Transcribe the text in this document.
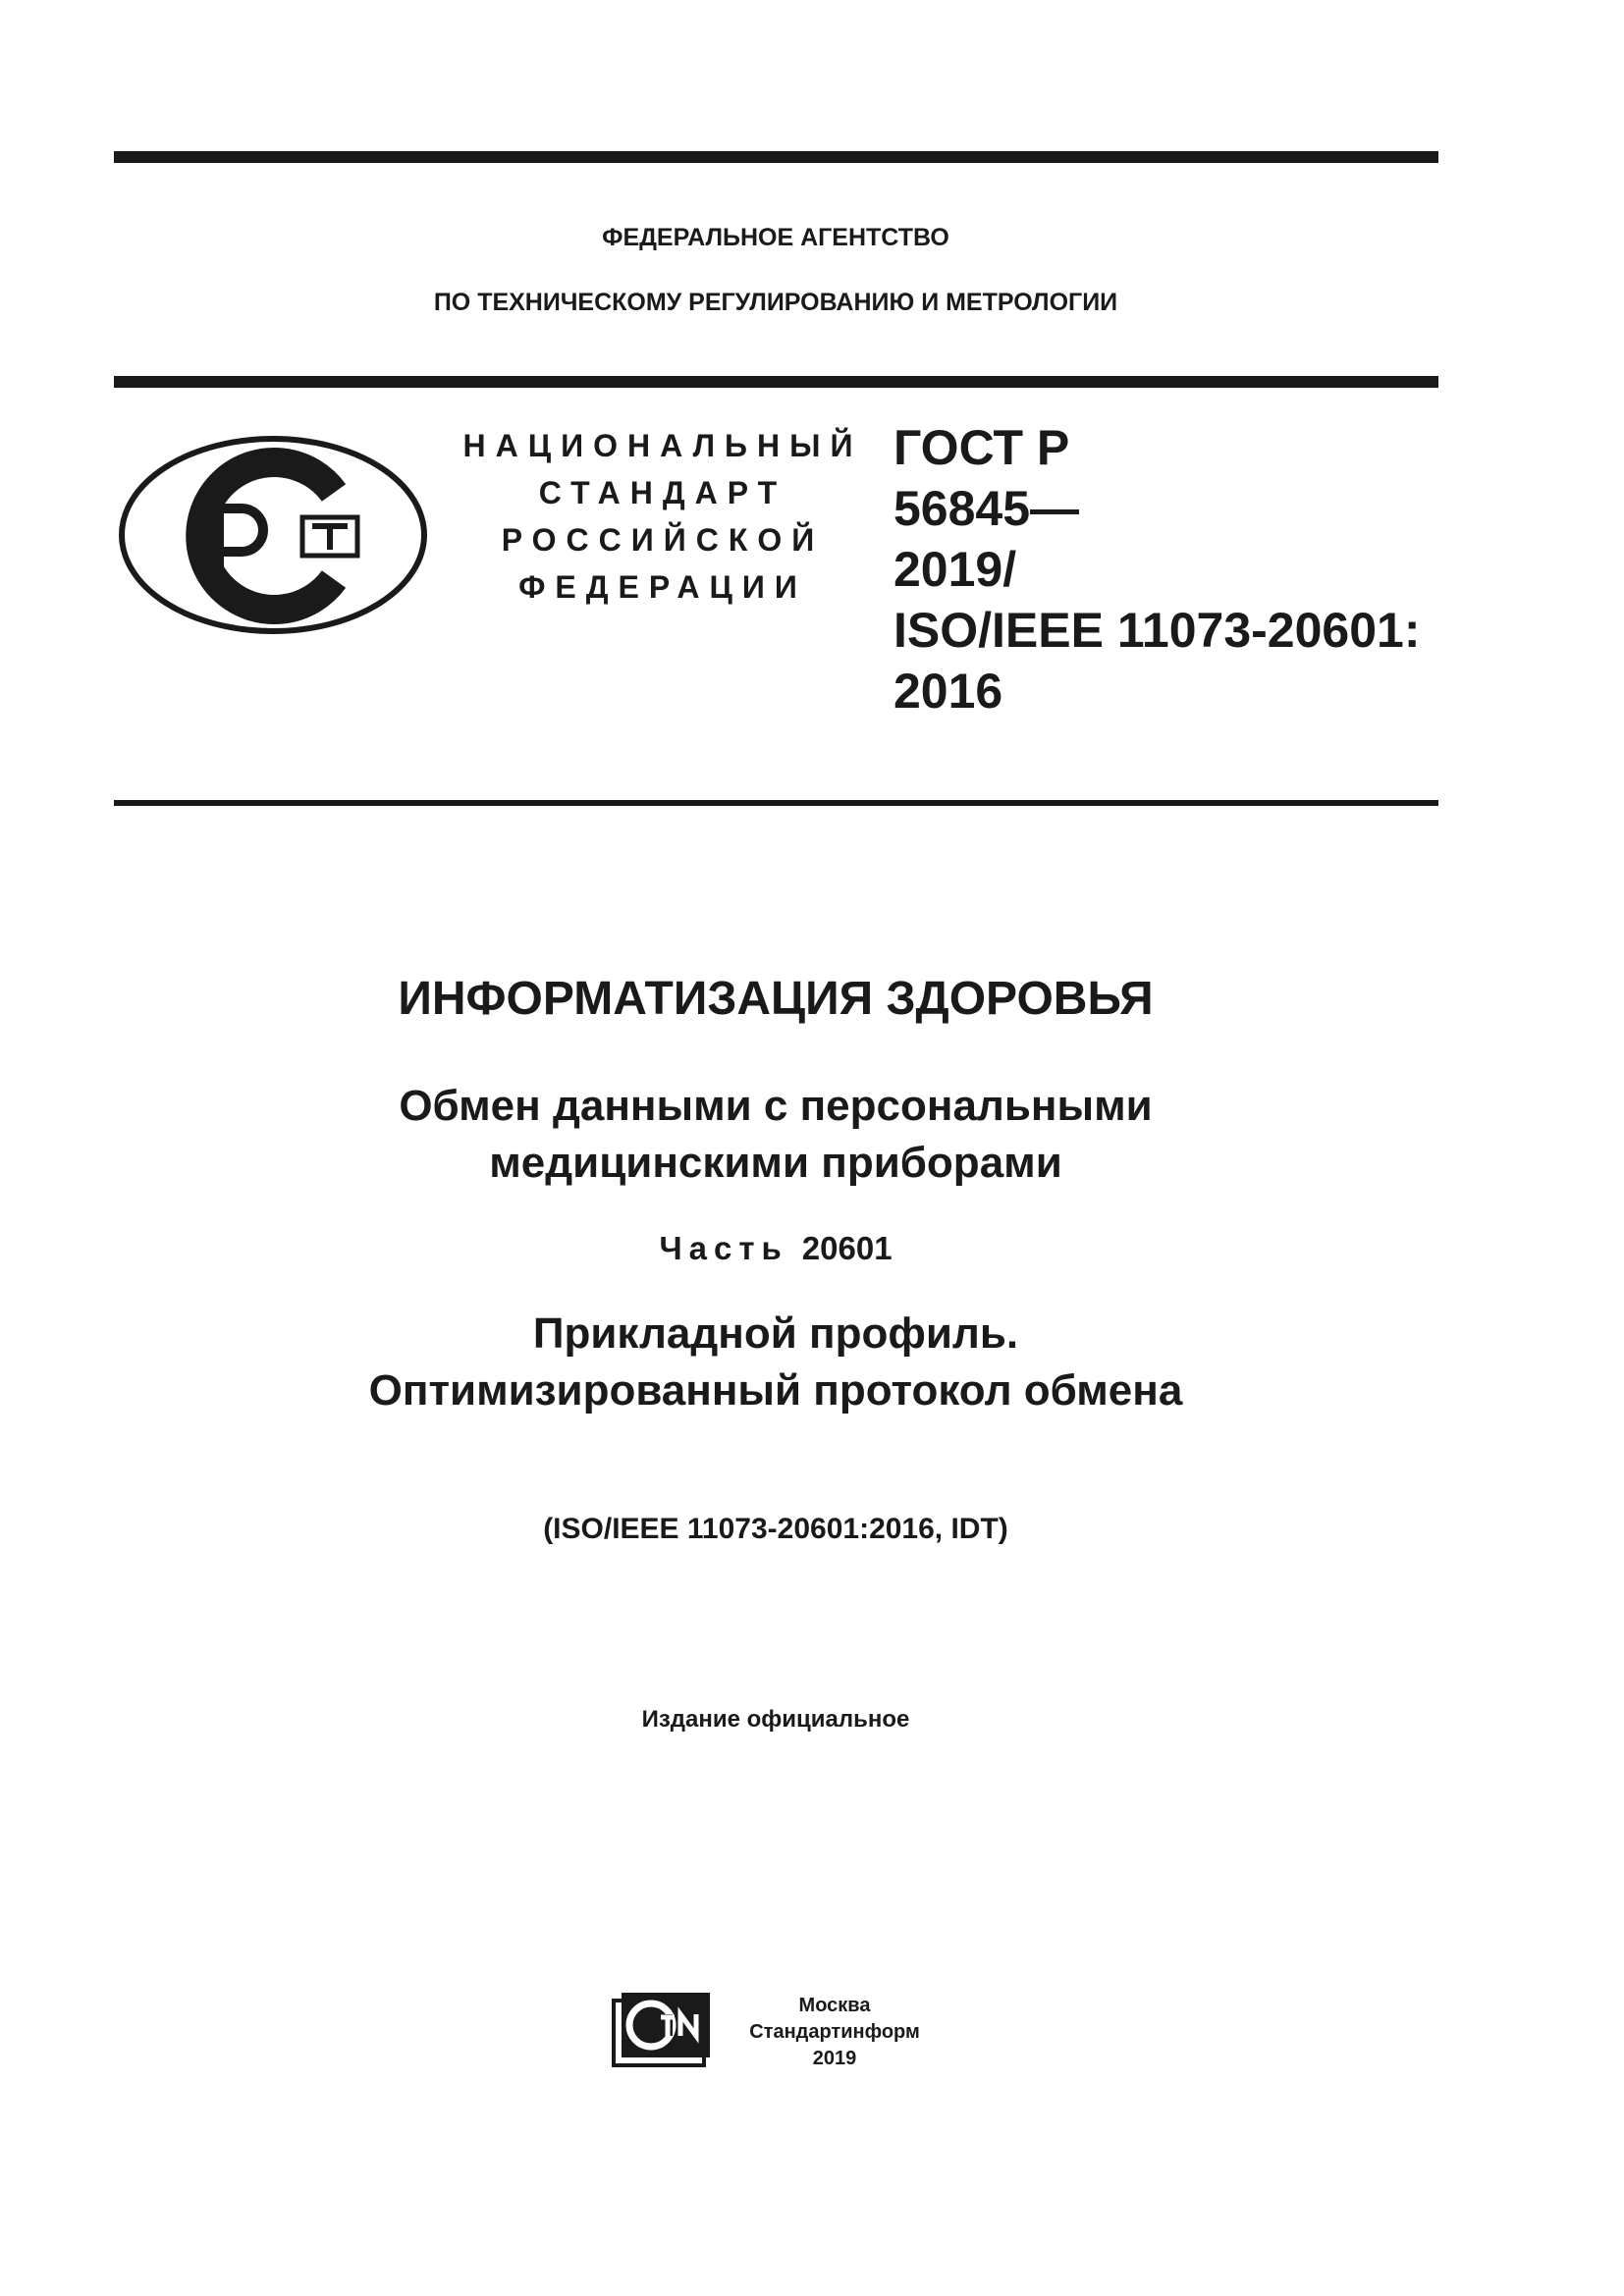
ФЕДЕРАЛЬНОЕ АГЕНТСТВО
ПО ТЕХНИЧЕСКОМУ РЕГУЛИРОВАНИЮ И МЕТРОЛОГИИ
НАЦИОНАЛЬНЫЙ
СТАНДАРТ
РОССИЙСКОЙ
ФЕДЕРАЦИИ
ГОСТ Р
56845—
2019/
ISO/IEEE 11073-20601:
2016
ИНФОРМАТИЗАЦИЯ ЗДОРОВЬЯ
Обмен данными с персональными
медицинскими приборами
Часть 20601
Прикладной профиль.
Оптимизированный протокол обмена
(ISO/IEEE 11073-20601:2016, IDT)
Издание официальное
Москва
Стандартинформ
2019
